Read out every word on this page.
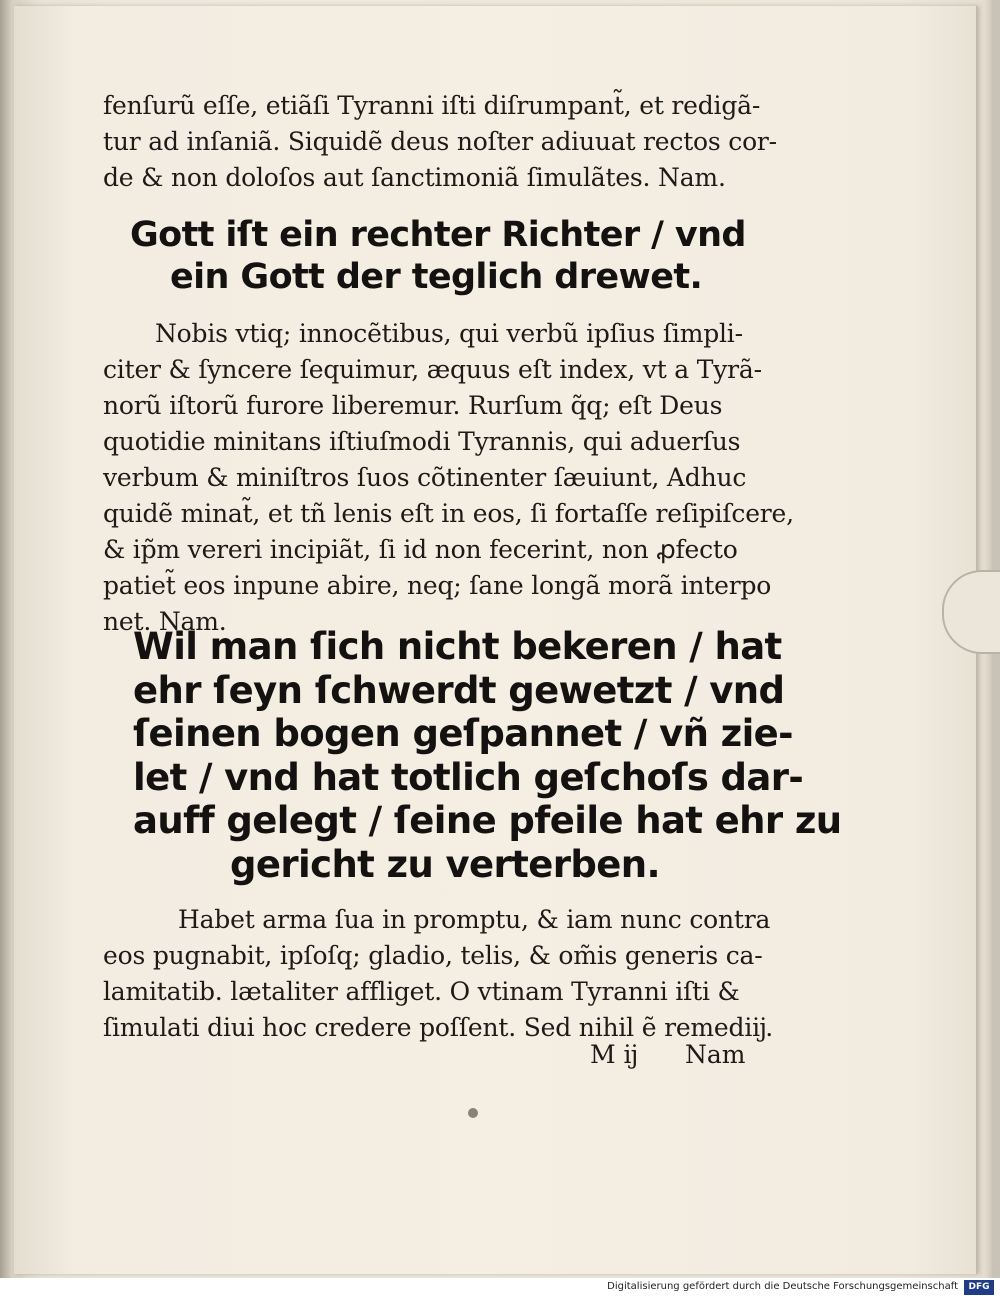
fenſurũ eſſe, etiãſi Tyranni iſti diſrumpant̃, et redigã-
tur ad inſaniã. Siquidẽ deus noſter adiuuat rectos cor-
de & non doloſos aut ſanctimoniã ſimulãtes. Nam.
Gott iſt ein rechter Richter / vnd
ein Gott der teglich drewet.
Nobis vtiq; innocẽtibus, qui verbũ ipſius ſimpli-
citer & ſyncere ſequimur, æquus eſt index, vt a Tyrã-
norũ iſtorũ furore liberemur. Rurſum q̃q; eſt Deus
quotidie minitans iſtiuſmodi Tyrannis, qui aduerſus
verbum & miniſtros ſuos cõtinenter ſæuiunt, Adhuc
quidẽ minat̃, et tñ lenis eſt in eos, ſi fortaſſe reſipiſcere,
& ip̃m vereri incipiãt, ſi id non fecerint, non ꝓfecto
patiet̃ eos inpune abire, neq; ſane longã morã interpo
net. Nam.
Wil man ſich nicht bekeren / hat
ehr ſeyn ſchwerdt gewetzt / vnd
ſeinen bogen geſpannet / vñ zie-
let / vnd hat totlich geſchoſs dar-
auff gelegt / ſeine pfeile hat ehr zu
gericht zu verterben.
Habet arma ſua in promptu, & iam nunc contra
eos pugnabit, ipſoſq; gladio, telis, & om̃is generis ca-
lamitatib. lætaliter affliget. O vtinam Tyranni iſti &
ſimulati diui hoc credere poſſent. Sed nihil ẽ remediĳ.
M ĳ Nam
Digitalisierung gefördert durch die Deutsche Forschungsgemeinschaft	DFG
